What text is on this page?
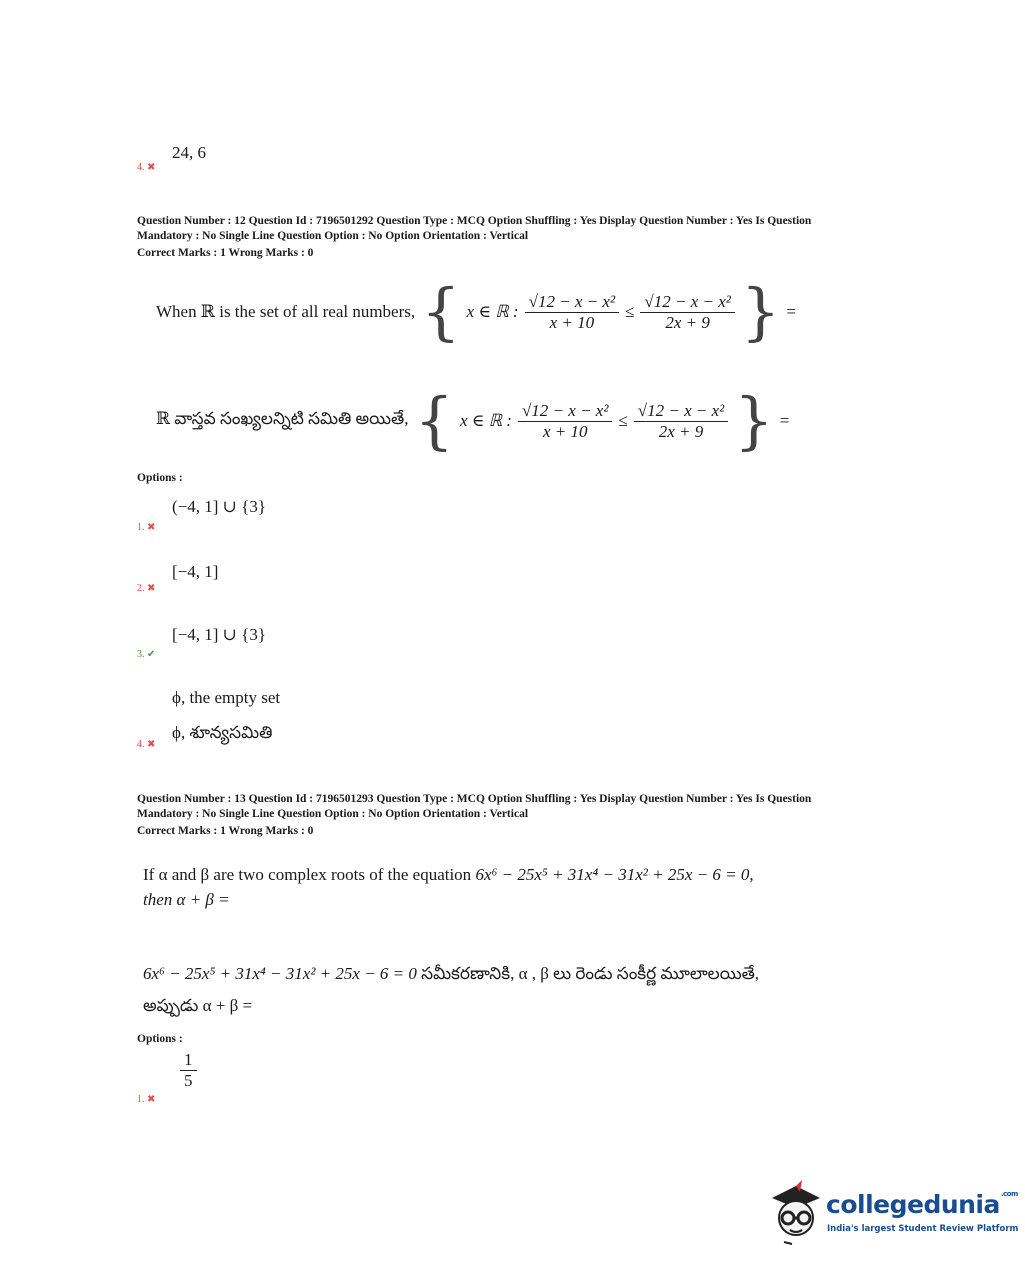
24, 6
4. ✖
Question Number : 12 Question Id : 7196501292 Question Type : MCQ Option Shuffling : Yes Display Question Number : Yes Is Question
Mandatory : No Single Line Question Option : No Option Orientation : Vertical
Correct Marks : 1 Wrong Marks : 0
When ℝ is the set of all real numbers, { x ∈ ℝ : $\frac{\text{√12 − x − x²}}{x + 10} \le \frac{\text{√12 − x − x²}}{2x + 9}$ } =
ℝ వాస్తవ సంఖ్యలన్నిటి సమితి అయితే, { x ∈ ℝ : $\frac{\text{√12 − x − x²}}{x + 10} \le \frac{\text{√12 − x − x²}}{2x + 9}$ } =
Options :
(−4, 1] ∪ {3}
1. ✖
[−4, 1]
2. ✖
[−4, 1] ∪ {3}
3. ✔
ϕ, the empty set
ϕ, శూన్యసమితి
4. ✖
Question Number : 13 Question Id : 7196501293 Question Type : MCQ Option Shuffling : Yes Display Question Number : Yes Is Question
Mandatory : No Single Line Question Option : No Option Orientation : Vertical
Correct Marks : 1 Wrong Marks : 0
If α and β are two complex roots of the equation 6x⁶ − 25x⁵ + 31x⁴ − 31x² + 25x − 6 = 0,
then α + β =
6x⁶ − 25x⁵ + 31x⁴ − 31x² + 25x − 6 = 0 సమీకరణానికి, α , β లు రెండు సంకీర్ణ మూలాలయితే,
అప్పుడు α + β =
Options :
$\frac{1}{5}$
1. ✖
collegedunia$^{.com}$
India's largest Student Review Platform
